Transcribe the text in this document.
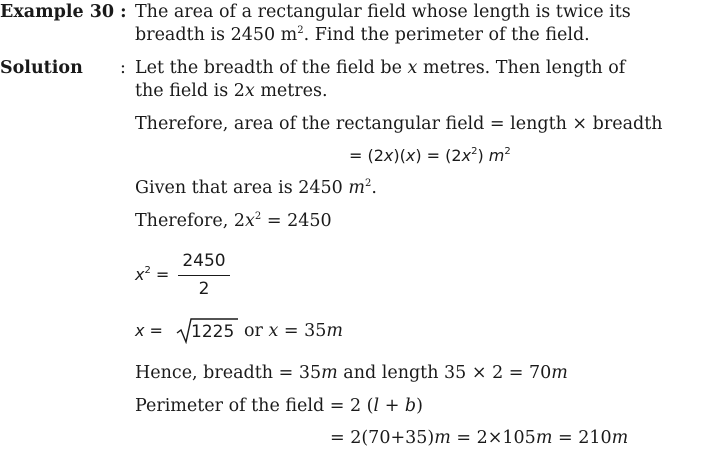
Example 30 : The area of a rectangular field whose length is twice its
breadth is 2450 $m^2$. Find the perimeter of the field.
Solution : Let the breadth of the field be x metres. Then length of
the field is 2x metres.
Therefore, area of the rectangular field = length × breadth
= $(2x)(x) = (2x^2)$ $m^2$
Given that area is 2450 $m^2$.
Therefore, $2x^2 = 2450$
$x^2 = \frac{2450}{2}$
x = 1225 or x = 35m
Hence, breadth = 35m and length 35 × 2 = 70m
Perimeter of the field = 2 (l + b)
= 2(70+35)m = 2×105m = 210m
